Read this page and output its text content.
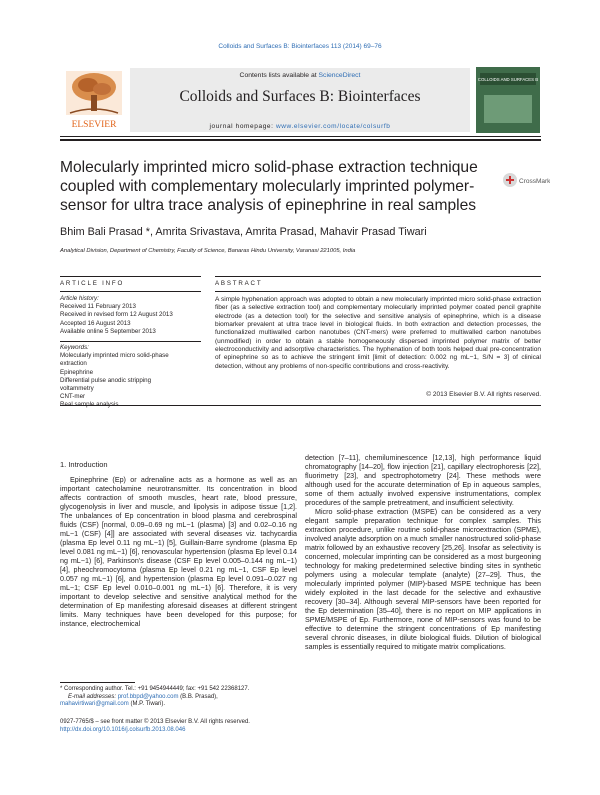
Colloids and Surfaces B: Biointerfaces 113 (2014) 69–76
ELSEVIER
Contents lists available at ScienceDirect
Colloids and Surfaces B: Biointerfaces
journal homepage: www.elsevier.com/locate/colsurfb
COLLOIDS AND SURFACES B
Molecularly imprinted micro solid-phase extraction technique coupled with complementary molecularly imprinted polymer-sensor for ultra trace analysis of epinephrine in real samples
CrossMark
Bhim Bali Prasad *, Amrita Srivastava, Amrita Prasad, Mahavir Prasad Tiwari
Analytical Division, Department of Chemistry, Faculty of Science, Banaras Hindu University, Varanasi 221005, India
ARTICLE INFO
Article history:
Received 11 February 2013
Received in revised form 12 August 2013
Accepted 16 August 2013
Available online 5 September 2013
Keywords:
Molecularly imprinted micro solid-phase
extraction
Epinephrine
Differential pulse anodic stripping
voltammetry
CNT-mer
Real sample analysis
ABSTRACT
A simple hyphenation approach was adopted to obtain a new molecularly imprinted micro solid-phase extraction fiber (as a selective extraction tool) and complementary molecularly imprinted polymer coated pencil graphite electrode (as a detection tool) for the selective and sensitive analysis of epinephrine, which is a disease biomarker prevalent at ultra trace level in biological fluids. In both extraction and detection processes, the functionalized multiwalled carbon nanotubes (CNT-mers) were preferred to multiwalled carbon nanotubes (unmodified) in order to obtain a stable homogeneously dispersed imprinted polymer matrix of better electroconductivity and adsorptive characteristics. The hyphenation of both tools helped dual pre-concentration of epinephrine so as to achieve the stringent limit [limit of detection: 0.002 ng mL−1, S/N = 3] of clinical detection, without any problems of non-specific contributions and cross-reactivity.
© 2013 Elsevier B.V. All rights reserved.
1. Introduction

Epinephrine (Ep) or adrenaline acts as a hormone as well as an important catecholamine neurotransmitter. Its concentration in blood affects contraction of smooth muscles, heart rate, blood pressure, glycogenolysis in liver and muscle, and lipolysis in adipose tissue [1,2]. The unbalances of Ep concentration in blood plasma and cerebrospinal fluids (CSF) [normal, 0.09–0.69 ng mL−1 (plasma) [3] and 0.02–0.16 ng mL−1 (CSF) [4]] are associated with several diseases viz. tachycardia (plasma Ep level 0.11 ng mL−1) [5], Guillain-Barre syndrome (plasma Ep level 0.081 ng mL−1) [6], renovascular hypertension (plasma Ep level 0.14 ng mL−1) [6], Parkinson's disease (CSF Ep level 0.005–0.144 ng mL−1) [4], pheochromocytoma (plasma Ep level 0.21 ng mL−1, CSF Ep level 0.057 ng mL−1) [6], and hypertension (plasma Ep level 0.091–0.027 ng mL−1; CSF Ep level 0.010–0.001 ng mL−1) [6]. Therefore, it is very important to develop selective and sensitive analytical method for the determination of Ep manifesting aforesaid diseases at different stringent limits. Many techniques have been developed for this purpose; for instance, electrochemical

detection [7–11], chemiluminescence [12,13], high performance liquid chromatography [14–20], flow injection [21], capillary electrophoresis [22], fluorimetry [23], and spectrophotometry [24]. These methods were although used for the accurate determination of Ep in aqueous samples, some of them actually involved expensive instrumentations, complex procedures of the sample pretreatment, and insufficient selectivity.

Micro solid-phase extraction (MSPE) can be considered as a very elegant sample preparation technique for complex samples. This extraction procedure, unlike routine solid-phase microextraction (SPME), involved analyte adsorption on a much smaller nanostructured solid-phase matrix followed by an exhaustive recovery [25,26]. Insofar as selectivity is concerned, molecular imprinting can be considered as a most burgeoning technology for making predetermined selective binding sites in synthetic polymers using a molecular template (analyte) [27–29]. Thus, the molecularly imprinted polymer (MIP)-based MSPE technique has been widely exploited in the last decade for the selective and exhaustive recovery [30–34]. Although several MIP-sensors have been reported for the Ep determination [35–40], there is no report on MIP applications in SPME/MSPE of Ep. Furthermore, none of MIP-sensors was found to be effective to determine the stringent concentrations of Ep manifesting several chronic diseases, in dilute biological fluids. Dilution of biological samples is essentially required to mitigate matrix complications.

* Corresponding author. Tel.: +91 9454944449; fax: +91 542 22368127.
E-mail addresses: prof.bbpd@yahoo.com (B.B. Prasad),
mahavirtiwari@gmail.com (M.P. Tiwari).
0927-7765/$ – see front matter © 2013 Elsevier B.V. All rights reserved.
http://dx.doi.org/10.1016/j.colsurfb.2013.08.046
